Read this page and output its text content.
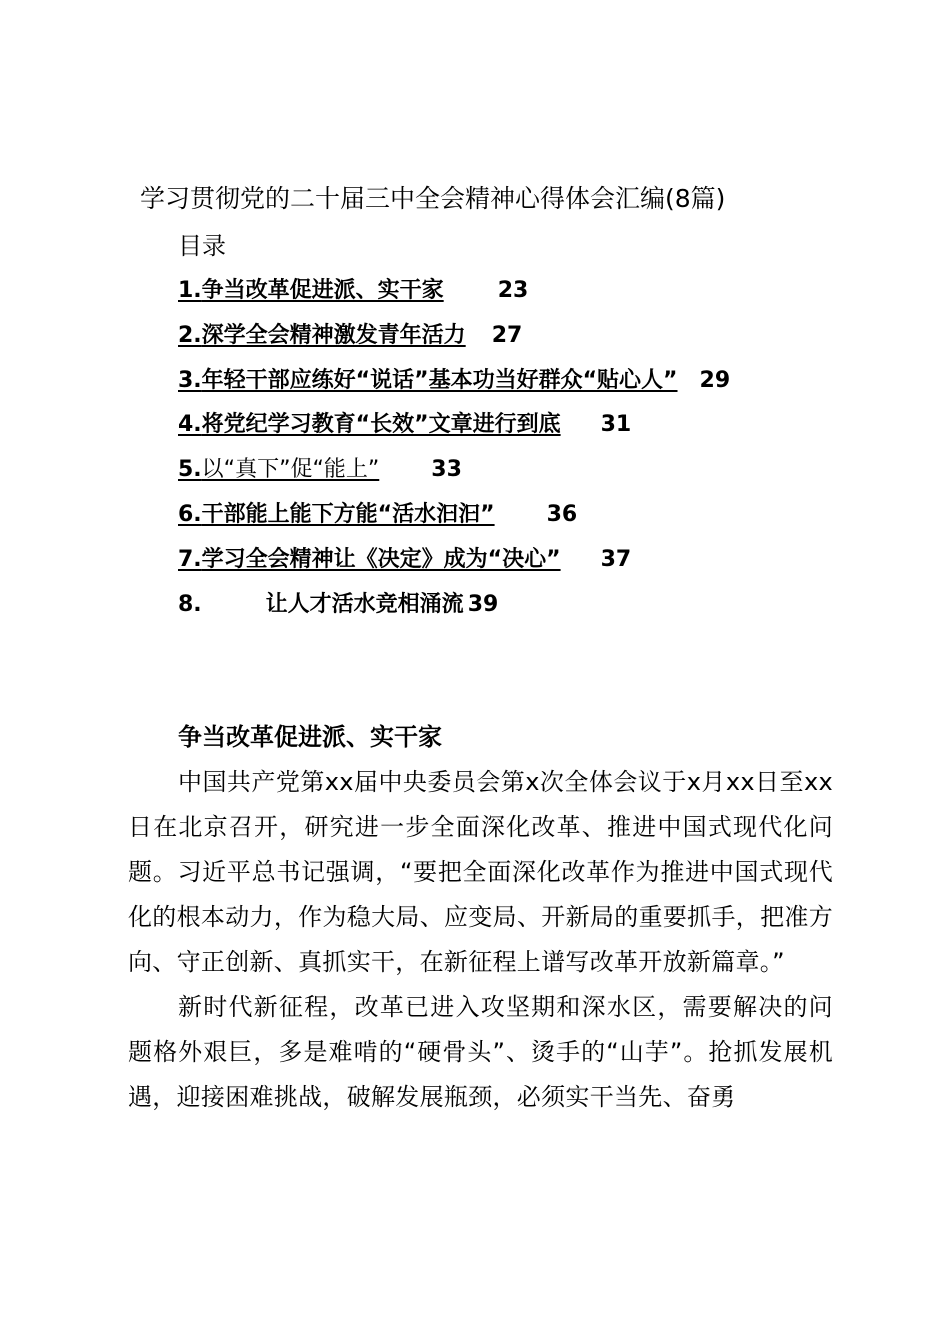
学习贯彻党的二十届三中全会精神心得体会汇编(8篇)
目录
1.争当改革促进派、实干家 23
2.深学全会精神激发青年活力 27
3.年轻干部应练好“说话”基本功当好群众“贴心人” 29
4.将党纪学习教育“长效”文章进行到底 31
5.以“真下”促“能上” 33
6.干部能上能下方能“活水汩汩” 36
7.学习全会精神让《决定》成为“决心” 37
8.	让人才活水竞相涌流 39
争当改革促进派、实干家

中国共产党第xx届中央委员会第x次全体会议于x月xx日至xx日在北京召开，研究进一步全面深化改革、推进中国式现代化问题。习近平总书记强调，“要把全面深化改革作为推进中国式现代化的根本动力，作为稳大局、应变局、开新局的重要抓手，把准方向、守正创新、真抓实干，在新征程上谱写改革开放新篇章。”

新时代新征程，改革已进入攻坚期和深水区，需要解决的问题格外艰巨，多是难啃的“硬骨头”、烫手的“山芋”。抢抓发展机遇，迎接困难挑战，破解发展瓶颈，必须实干当先、奋勇
